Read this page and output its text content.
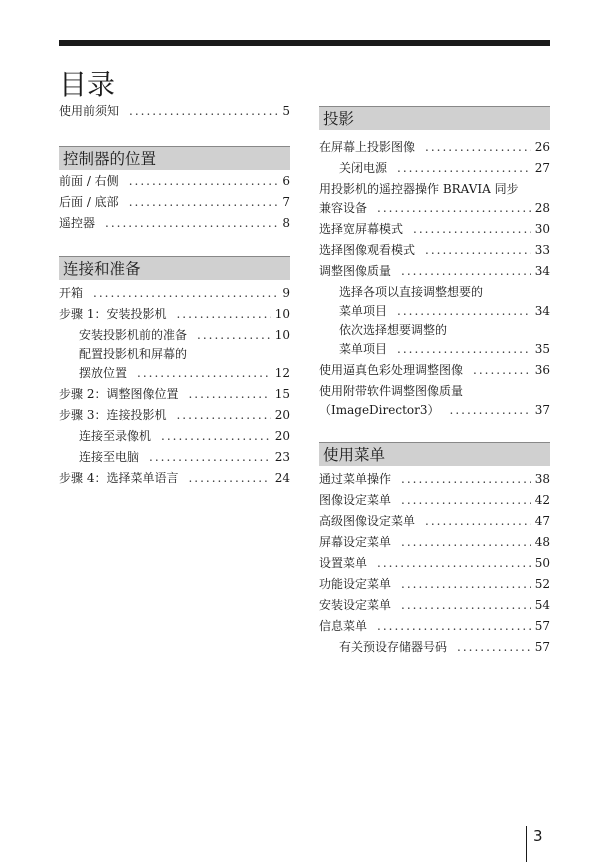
目录
使用前须知 .....	5
控制器的位置
前面 / 右侧 .....	6
后面 / 底部 .....	7
遥控器 .....	8
连接和准备
开箱 .....	9
步骤 1：安装投影机 .....	10
安装投影机前的准备 .....	10
配置投影机和屏幕的
摆放位置 .....	12
步骤 2：调整图像位置 .....	15
步骤 3：连接投影机 .....	20
连接至录像机 .....	20
连接至电脑 .....	23
步骤 4：选择菜单语言 .....	24
投影
在屏幕上投影图像 .....	26
关闭电源 .....	27
用投影机的遥控器操作 BRAVIA 同步
兼容设备 .....	28
选择宽屏幕模式 .....	30
选择图像观看模式 .....	33
调整图像质量 .....	34
选择各项以直接调整想要的
菜单项目 .....	34
依次选择想要调整的
菜单项目 .....	35
使用逼真色彩处理调整图像 .....	36
使用附带软件调整图像质量
（ImageDirector3） .....	37
使用菜单
通过菜单操作 .....	38
图像设定菜单 .....	42
高级图像设定菜单 .....	47
屏幕设定菜单 .....	48
设置菜单 .....	50
功能设定菜单 .....	52
安装设定菜单 .....	54
信息菜单 .....	57
有关预设存储器号码 .....	57
3
